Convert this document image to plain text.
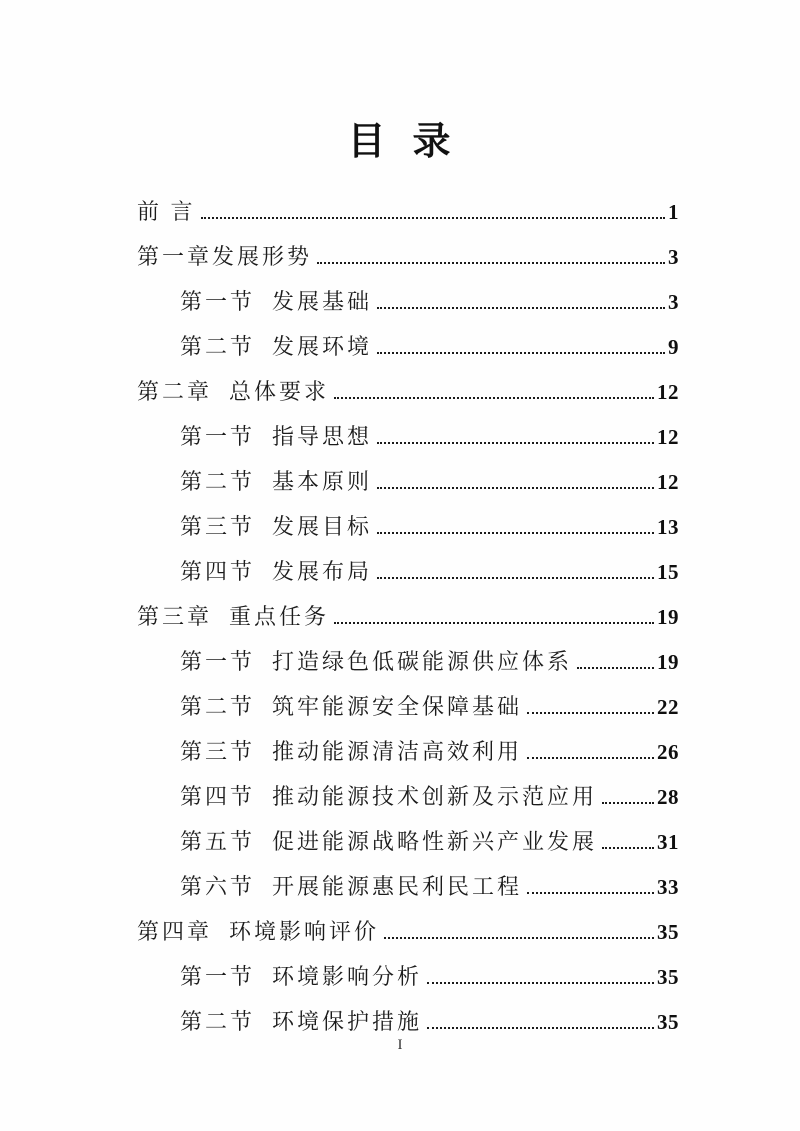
目  录
前 言	1
第一章发展形势	3
第一节  发展基础	3
第二节  发展环境	9
第二章  总体要求	12
第一节  指导思想	12
第二节  基本原则	12
第三节  发展目标	13
第四节  发展布局	15
第三章  重点任务	19
第一节  打造绿色低碳能源供应体系	19
第二节  筑牢能源安全保障基础	22
第三节  推动能源清洁高效利用	26
第四节  推动能源技术创新及示范应用	28
第五节  促进能源战略性新兴产业发展	31
第六节  开展能源惠民利民工程	33
第四章  环境影响评价	35
第一节  环境影响分析	35
第二节  环境保护措施	35
I
